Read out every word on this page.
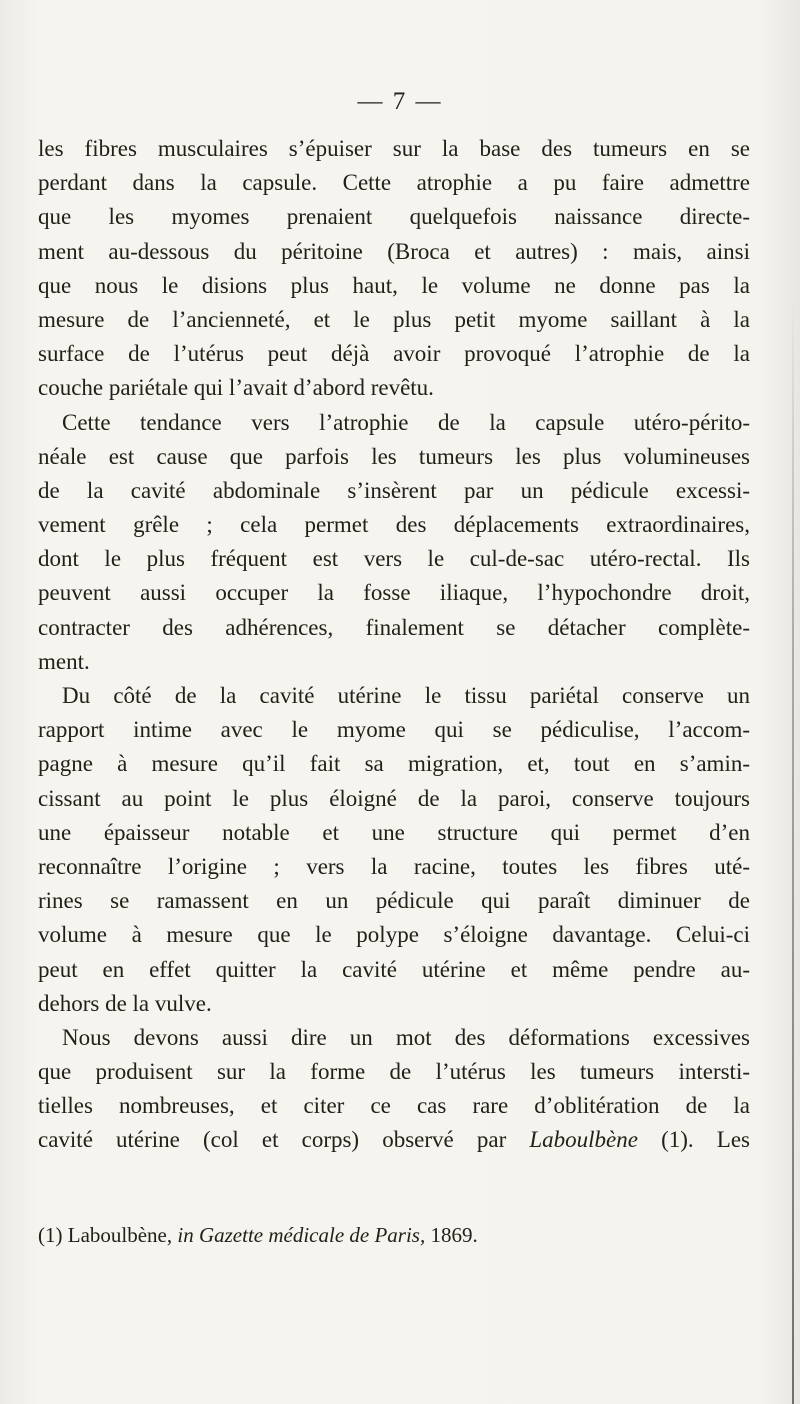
— 7 —
les fibres musculaires s’épuiser sur la base des tumeurs en se
perdant dans la capsule. Cette atrophie a pu faire admettre
que les myomes prenaient quelquefois naissance directe-
ment au-dessous du péritoine (Broca et autres) : mais, ainsi
que nous le disions plus haut, le volume ne donne pas la
mesure de l’ancienneté, et le plus petit myome saillant à la
surface de l’utérus peut déjà avoir provoqué l’atrophie de la
couche pariétale qui l’avait d’abord revêtu.
Cette tendance vers l’atrophie de la capsule utéro-périto-
néale est cause que parfois les tumeurs les plus volumineuses
de la cavité abdominale s’insèrent par un pédicule excessi-
vement grêle ; cela permet des déplacements extraordinaires,
dont le plus fréquent est vers le cul-de-sac utéro-rectal. Ils
peuvent aussi occuper la fosse iliaque, l’hypochondre droit,
contracter des adhérences, finalement se détacher complète-
ment.
Du côté de la cavité utérine le tissu pariétal conserve un
rapport intime avec le myome qui se pédiculise, l’accom-
pagne à mesure qu’il fait sa migration, et, tout en s’amin-
cissant au point le plus éloigné de la paroi, conserve toujours
une épaisseur notable et une structure qui permet d’en
reconnaître l’origine ; vers la racine, toutes les fibres uté-
rines se ramassent en un pédicule qui paraît diminuer de
volume à mesure que le polype s’éloigne davantage. Celui-ci
peut en effet quitter la cavité utérine et même pendre au-
dehors de la vulve.
Nous devons aussi dire un mot des déformations excessives
que produisent sur la forme de l’utérus les tumeurs intersti-
tielles nombreuses, et citer ce cas rare d’oblitération de la
cavité utérine (col et corps) observé par Laboulbène (1). Les
(1) Laboulbène, in Gazette médicale de Paris, 1869.
